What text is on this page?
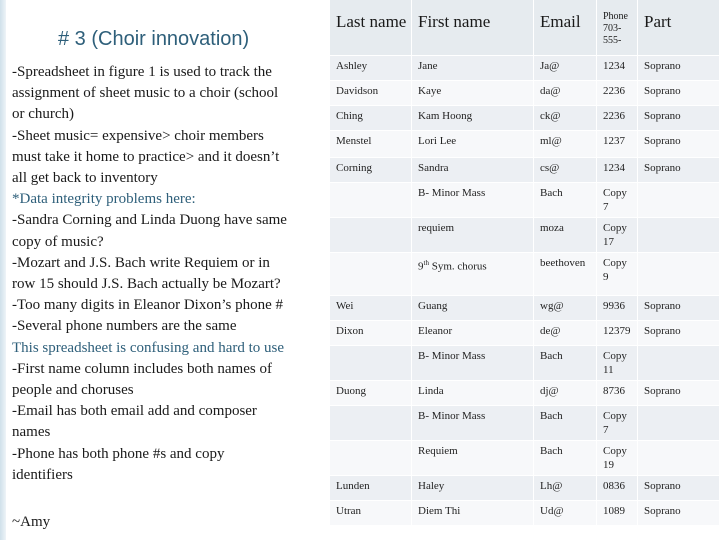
# 3 (Choir innovation)
-Spreadsheet in figure 1 is used to track the
assignment of sheet music to a choir (school
or church)
-Sheet music= expensive> choir members
must take it home to practice> and it doesn’t
all get back to inventory
*Data integrity problems here:
-Sandra Corning and Linda Duong have same
copy of music?
-Mozart and J.S. Bach write Requiem or in
row 15 should J.S. Bach actually be Mozart?
-Too many digits in Eleanor Dixon’s phone #
-Several phone numbers are the same
This spreadsheet is confusing and hard to use
-First name column includes both names of
people and choruses
-Email has both email add and composer
names
-Phone has both phone #s and copy
identifiers
~Amy
Last name	First name	Email	Phone 703-555-	Part
Ashley	Jane	Ja@	1234	Soprano
Davidson	Kaye	da@	2236	Soprano
Ching	Kam Hoong	ck@	2236	Soprano
Menstel	Lori Lee	ml@	1237	Soprano
Corning	Sandra	cs@	1234	Soprano
	B- Minor Mass	Bach	Copy 7	
	requiem	moza	Copy 17	
	9th Sym. chorus	beethoven	Copy 9	
Wei	Guang	wg@	9936	Soprano
Dixon	Eleanor	de@	12379	Soprano
	B- Minor Mass	Bach	Copy 11	
Duong	Linda	dj@	8736	Soprano
	B- Minor Mass	Bach	Copy 7	
	Requiem	Bach	Copy 19	
Lunden	Haley	Lh@	0836	Soprano
Utran	Diem Thi	Ud@	1089	Soprano
